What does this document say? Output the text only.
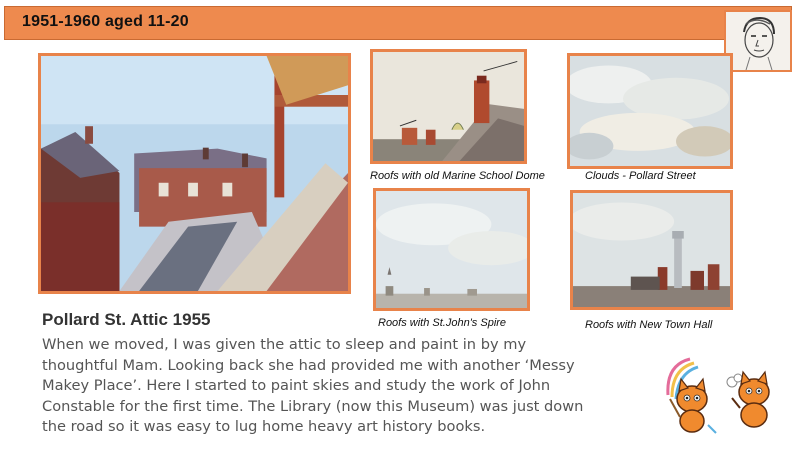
1951-1960 aged 11-20
Roofs with old Marine School Dome	Clouds - Pollard Street
Roofs with St.John's Spire	Roofs with New Town Hall
Pollard St. Attic 1955
When we moved, I was given the attic to sleep and paint in by my thoughtful Mam. Looking back she had provided me with another ‘Messy Makey Place’. Here I started to paint skies and study the work of John Constable for the first time. The Library (now this Museum) was just down the road so it was easy to lug home heavy art history books.
